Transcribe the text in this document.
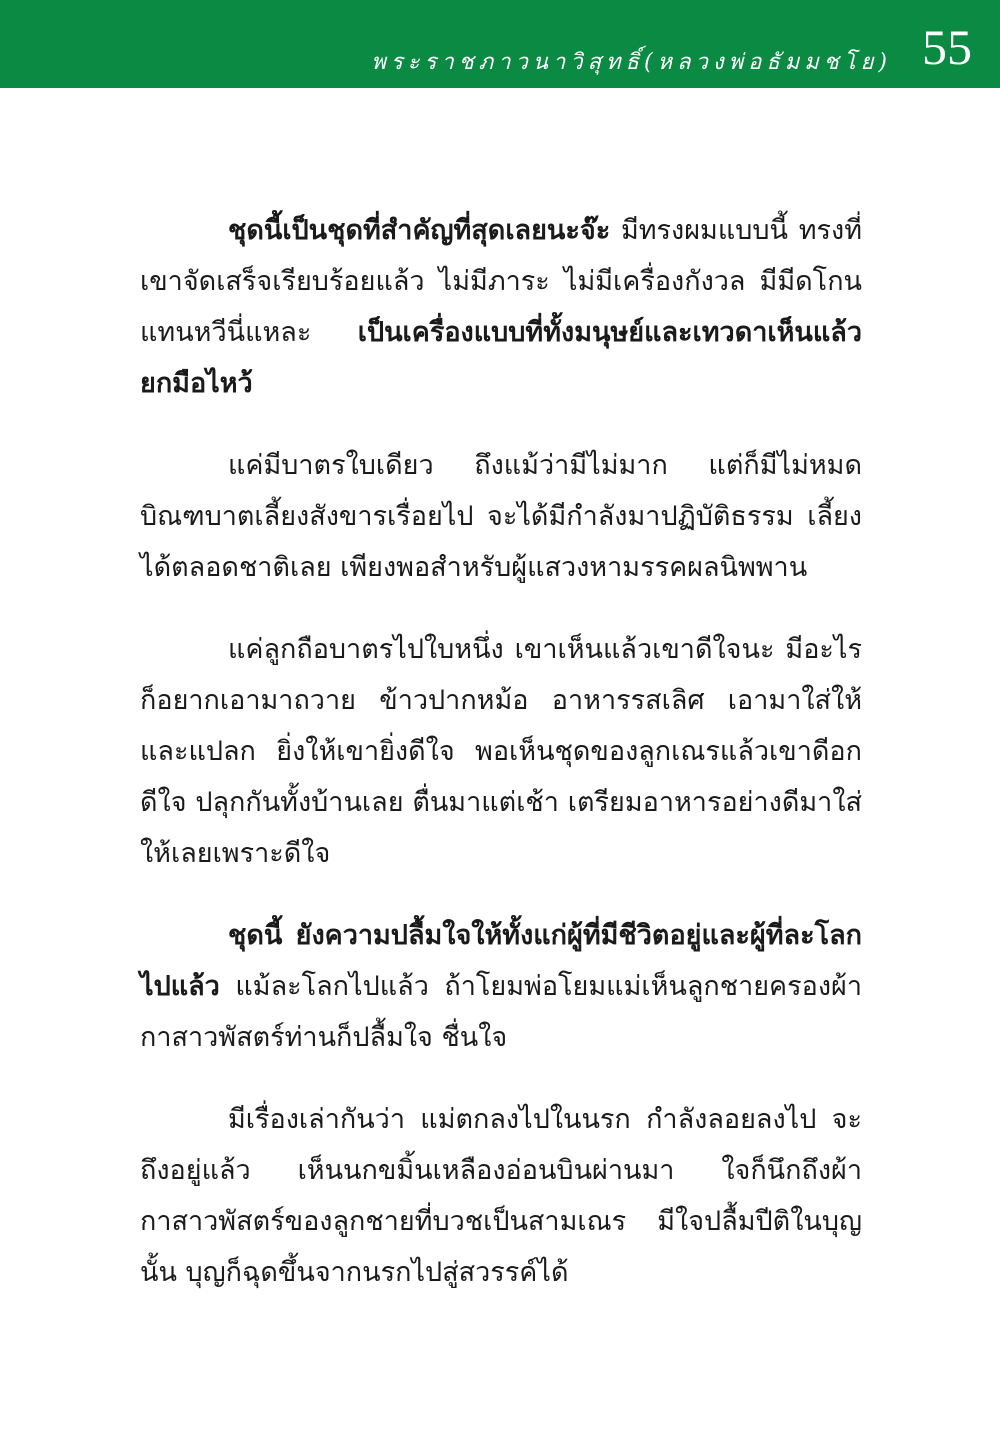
พระราชภาวนาวิสุทธิ์(หลวงพ่อธัมมชโย) 55

ชุดนี้เป็นชุดที่สำคัญที่สุดเลยนะจ๊ะ มีทรงผมแบบนี้ ทรงที่เขาจัดเสร็จเรียบร้อยแล้ว ไม่มีภาระ ไม่มีเครื่องกังวล มีมีดโกนแทนหวีนี่แหละ เป็นเครื่องแบบที่ทั้งมนุษย์และเทวดาเห็นแล้วยกมือไหว้

แค่มีบาตรใบเดียว ถึงแม้ว่ามีไม่มาก แต่ก็มีไม่หมด บิณฑบาตเลี้ยงสังขารเรื่อยไป จะได้มีกำลังมาปฏิบัติธรรม เลี้ยงได้ตลอดชาติเลย เพียงพอสำหรับผู้แสวงหามรรคผลนิพพาน

แค่ลูกถือบาตรไปใบหนึ่ง เขาเห็นแล้วเขาดีใจนะ มีอะไรก็อยากเอามาถวาย ข้าวปากหม้อ อาหารรสเลิศ เอามาใส่ให้และแปลก ยิ่งให้เขายิ่งดีใจ พอเห็นชุดของลูกเณรแล้วเขาดีอกดีใจ ปลุกกันทั้งบ้านเลย ตื่นมาแต่เช้า เตรียมอาหารอย่างดีมาใส่ให้เลยเพราะดีใจ

ชุดนี้ ยังความปลื้มใจให้ทั้งแก่ผู้ที่มีชีวิตอยู่และผู้ที่ละโลกไปแล้ว แม้ละโลกไปแล้ว ถ้าโยมพ่อโยมแม่เห็นลูกชายครองผ้ากาสาวพัสตร์ท่านก็ปลื้มใจ ชื่นใจ

มีเรื่องเล่ากันว่า แม่ตกลงไปในนรก กำลังลอยลงไป จะถึงอยู่แล้ว เห็นนกขมิ้นเหลืองอ่อนบินผ่านมา ใจก็นึกถึงผ้ากาสาวพัสตร์ของลูกชายที่บวชเป็นสามเณร มีใจปลื้มปีติในบุญนั้น บุญก็ฉุดขึ้นจากนรกไปสู่สวรรค์ได้
